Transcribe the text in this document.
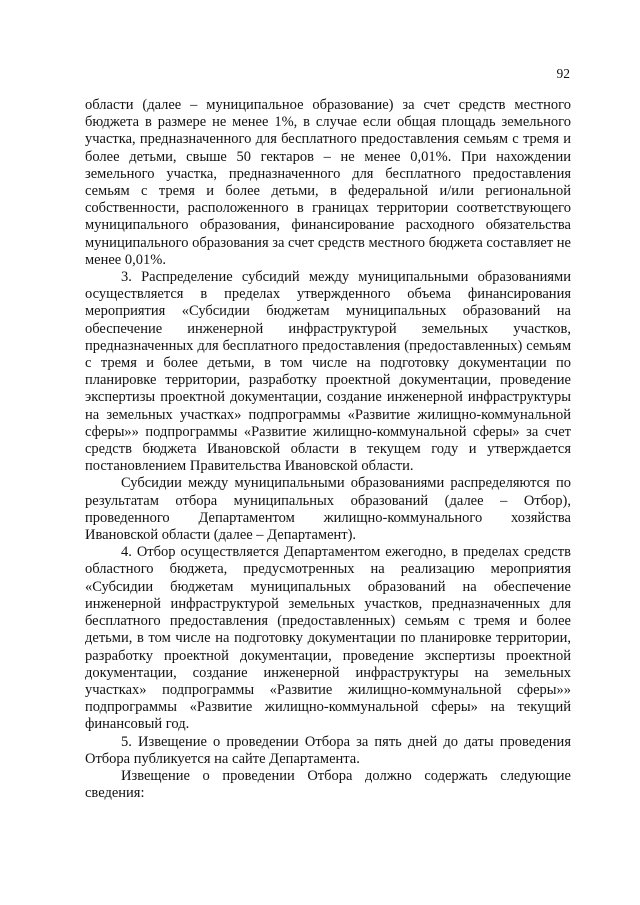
92

области (далее – муниципальное образование) за счет средств местного бюджета в размере не менее 1%, в случае если общая площадь земельного участка, предназначенного для бесплатного предоставления семьям с тремя и более детьми, свыше 50 гектаров – не менее 0,01%. При нахождении земельного участка, предназначенного для бесплатного предоставления семьям с тремя и более детьми, в федеральной и/или региональной собственности, расположенного в границах территории соответствующего муниципального образования, финансирование расходного обязательства муниципального образования за счет средств местного бюджета составляет не менее 0,01%.

3. Распределение субсидий между муниципальными образованиями осуществляется в пределах утвержденного объема финансирования мероприятия «Субсидии бюджетам муниципальных образований на обеспечение инженерной инфраструктурой земельных участков, предназначенных для бесплатного предоставления (предоставленных) семьям с тремя и более детьми, в том числе на подготовку документации по планировке территории, разработку проектной документации, проведение экспертизы проектной документации, создание инженерной инфраструктуры на земельных участках» подпрограммы «Развитие жилищно-коммунальной сферы»» подпрограммы «Развитие жилищно-коммунальной сферы» за счет средств бюджета Ивановской области в текущем году и утверждается постановлением Правительства Ивановской области.

Субсидии между муниципальными образованиями распределяются по результатам отбора муниципальных образований (далее – Отбор), проведенного Департаментом жилищно-коммунального хозяйства Ивановской области (далее – Департамент).

4. Отбор осуществляется Департаментом ежегодно, в пределах средств областного бюджета, предусмотренных на реализацию мероприятия «Субсидии бюджетам муниципальных образований на обеспечение инженерной инфраструктурой земельных участков, предназначенных для бесплатного предоставления (предоставленных) семьям с тремя и более детьми, в том числе на подготовку документации по планировке территории, разработку проектной документации, проведение экспертизы проектной документации, создание инженерной инфраструктуры на земельных участках» подпрограммы «Развитие жилищно-коммунальной сферы»» подпрограммы «Развитие жилищно-коммунальной сферы» на текущий финансовый год.

5. Извещение о проведении Отбора за пять дней до даты проведения Отбора публикуется на сайте Департамента.

Извещение о проведении Отбора должно содержать следующие сведения:
